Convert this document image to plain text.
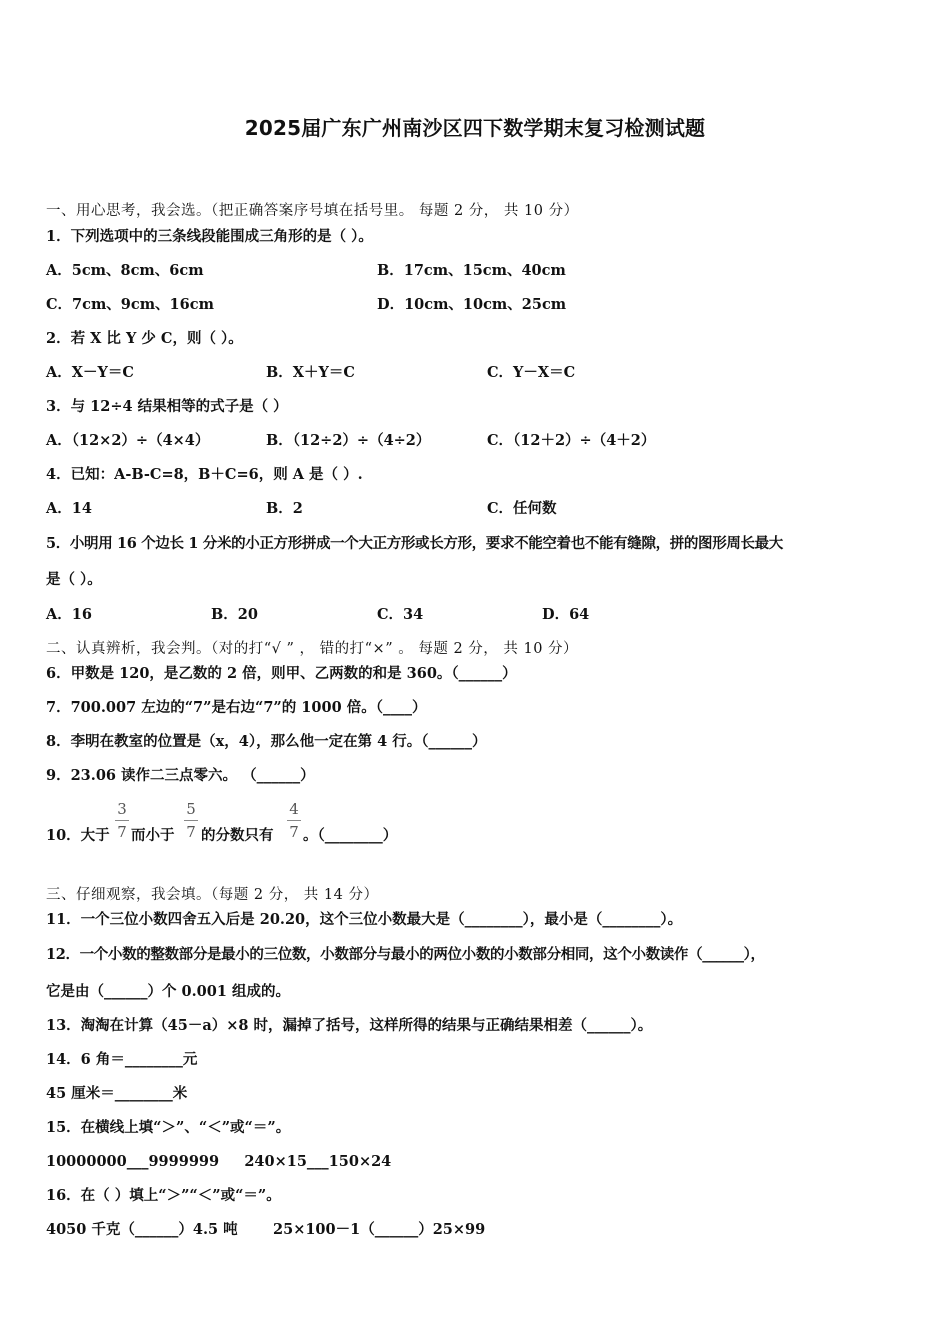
2025届广东广州南沙区四下数学期末复习检测试题
一、用心思考，我会选。（把正确答案序号填在括号里。 每题 2 分， 共 10 分）
1．下列选项中的三条线段能围成三角形的是（ ）。
A．5cm、8cm、6cm	B．17cm、15cm、40cm
C．7cm、9cm、16cm	D．10cm、10cm、25cm
2．若 X 比 Y 少 C，则（ ）。
A．X－Y＝C	B．X＋Y＝C	C．Y－X＝C
3．与 12÷4 结果相等的式子是（ ）
A．（12×2）÷（4×4）	B．（12÷2）÷（4÷2）	C．（12＋2）÷（4＋2）
4．已知：A-B-C=8，B＋C=6，则 A 是（ ）.
A．14	B．2	C．任何数
5．小明用 16 个边长 1 分米的小正方形拼成一个大正方形或长方形，要求不能空着也不能有缝隙，拼的图形周长最大
是（ ）。
A．16	B．20	C．34	D．64
二、认真辨析，我会判。（对的打“√ ” ， 错的打“×” 。 每题 2 分， 共 10 分）
6．甲数是 120，是乙数的 2 倍，则甲、乙两数的和是 360。（______）
7．700.007 左边的“7”是右边“7”的 1000 倍。（____）
8．李明在教室的位置是（x，4），那么他一定在第 4 行。（______）
9．23.06 读作二三点零六。 （______）
10．大于
3
7 而小于
5
7 的分数只有
4
7 。（________）
三、仔细观察，我会填。（每题 2 分， 共 14 分）
11．一个三位小数四舍五入后是 20.20，这个三位小数最大是（________），最小是（________）。
12．一个小数的整数部分是最小的三位数，小数部分与最小的两位小数的小数部分相同，这个小数读作（______），
它是由（______）个 0.001 组成的。
13．淘淘在计算（45－a）×8 时，漏掉了括号，这样所得的结果与正确结果相差（______）。
14．6 角＝________元
45 厘米＝________米
15．在横线上填“＞”、“＜”或“＝”。
10000000___9999999     240×15___150×24
16．在（ ）填上“＞”“＜”或“＝”。
4050 千克（______）4.5 吨       25×100－1（______）25×99
